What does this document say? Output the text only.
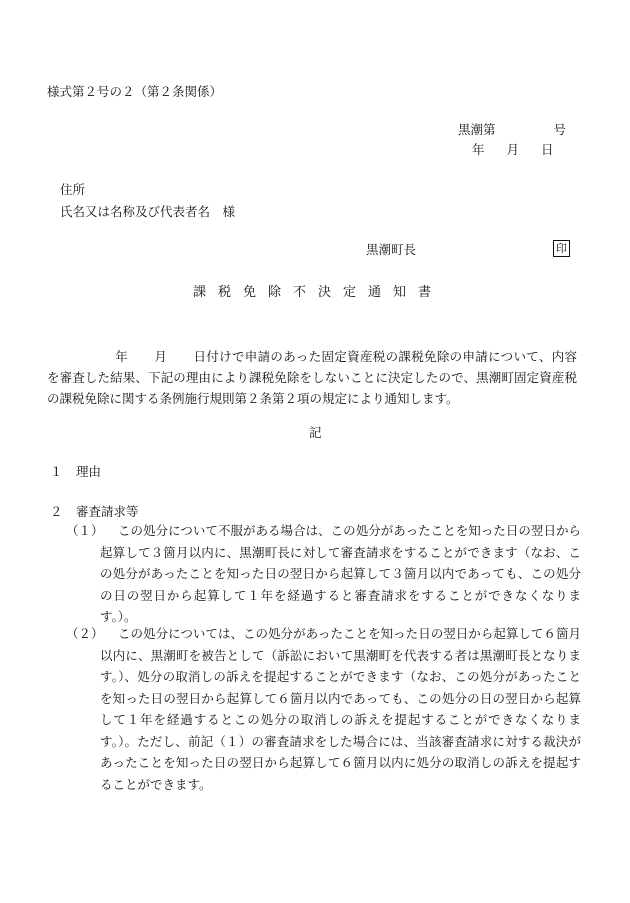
様式第２号の２（第２条関係）
黒潮第	号
年 月 日
住所
氏名又は名称及び代表者名　 様
黒潮町長	印
課税免除不決定通知書
年 月 日付けで申請のあった固定資産税の課税免除の申請について、内容を審査した結果、下記の理由により課税免除をしないことに決定したので、黒潮町固定資産税の課税免除に関する条例施行規則第２条第２項の規定により通知します。
記
１ 理由
２ 審査請求等
（１）	この処分について不服がある場合は、この処分があったことを知った日の翌日から起算して３箇月以内に、黒潮町長に対して審査請求をすることができます（なお、この処分があったことを知った日の翌日から起算して３箇月以内であっても、この処分の日の翌日から起算して１年を経過すると審査請求をすることができなくなります。）。
（２）	この処分については、この処分があったことを知った日の翌日から起算して６箇月以内に、黒潮町を被告として（訴訟において黒潮町を代表する者は黒潮町長となります。）、処分の取消しの訴えを提起することができます（なお、この処分があったことを知った日の翌日から起算して６箇月以内であっても、この処分の日の翌日から起算して１年を経過するとこの処分の取消しの訴えを提起することができなくなります。）。ただし、前記（１）の審査請求をした場合には、当該審査請求に対する裁決があったことを知った日の翌日から起算して６箇月以内に処分の取消しの訴えを提起することができます。
